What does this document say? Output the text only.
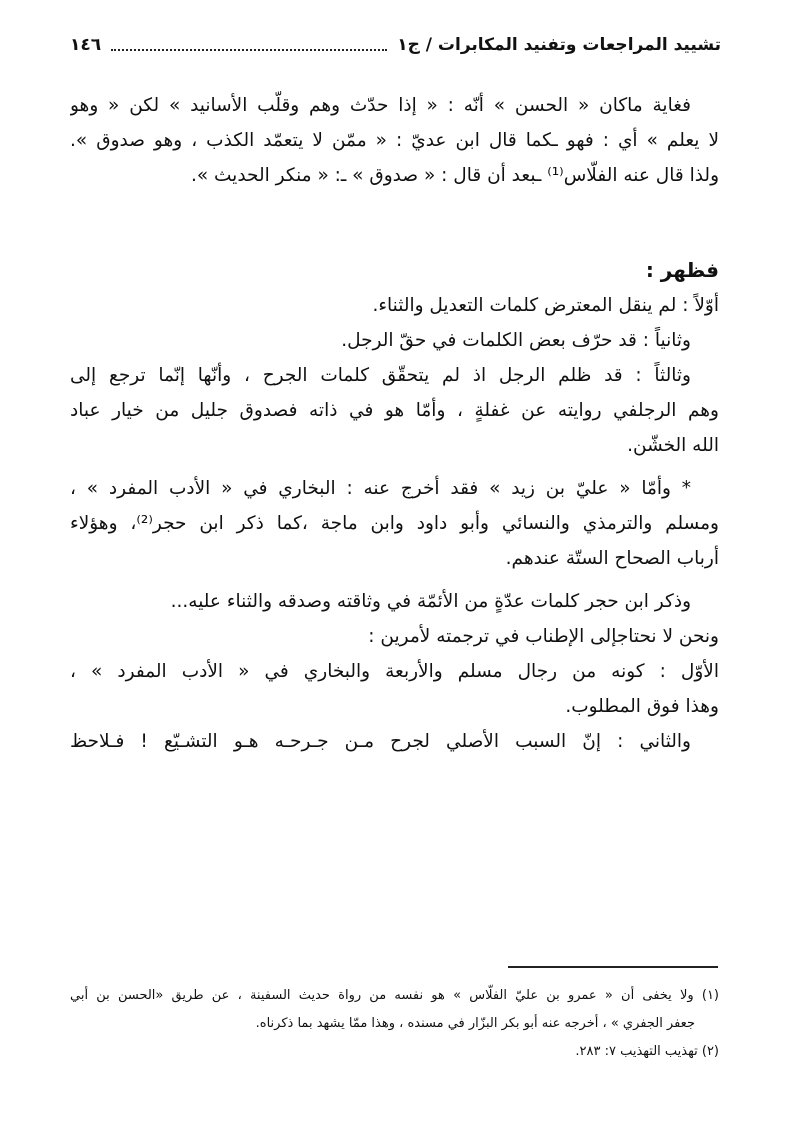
تشييد المراجعات وتفنيد المكابرات / ج١
١٤٦
فغاية ماكان « الحسن » أنّه : « إذا حدّث وهم وقلّب الأسانيد » لكن « وهو
لا يعلم » أي : فهو ـكما قال ابن عديّ : « ممّن لا يتعمّد الكذب ، وهو صدوق ».
ولذا قال عنه الفلّاس⁽¹⁾ ـبعد أن قال : « صدوق » ـ: « منكر الحديث ».
فظهر :
أوّلاً : لم ينقل المعترض كلمات التعديل والثناء.
وثانياً : قد حرّف بعض الكلمات في حقّ الرجل.
وثالثاً : قد ظلم الرجل اذ لم يتحقّق كلمات الجرح ، وأنّها إنّما ترجع إلى
وهم الرجلفي روايته عن غفلةٍ ، وأمّا هو في ذاته فصدوق جليل من خيار عباد
الله الخشّن.
* وأمّا « عليّ بن زيد » فقد أخرج عنه : البخاري في « الأدب المفرد » ،
ومسلم والترمذي والنسائي وأبو داود وابن ماجة ،كما ذكر ابن حجر⁽²⁾، وهؤلاء
أرباب الصحاح الستّة عندهم.
وذكر ابن حجر كلمات عدّةٍ من الأئمّة في وثاقته وصدقه والثناء عليه...
ونحن لا نحتاجإلى الإطناب في ترجمته لأمرين :
الأوّل : كونه من رجال مسلم والأربعة والبخاري في « الأدب المفرد » ،
وهذا فوق المطلوب.
والثاني : إنّ السبب الأصلي لجرح مـن جـرحـه هـو التشـيّع ! فـلاحظ
(١) ولا يخفى أن « عمرو بن عليّ الفلّاس » هو نفسه من رواة حديث السفينة ، عن طريق «الحسن بن أبي
جعفر الجفري » ، أخرجه عنه أبو بكر البزّار في مسنده ، وهذا ممّا يشهد بما ذكرناه.
(٢) تهذيب التهذيب ٧: ٢٨٣.
